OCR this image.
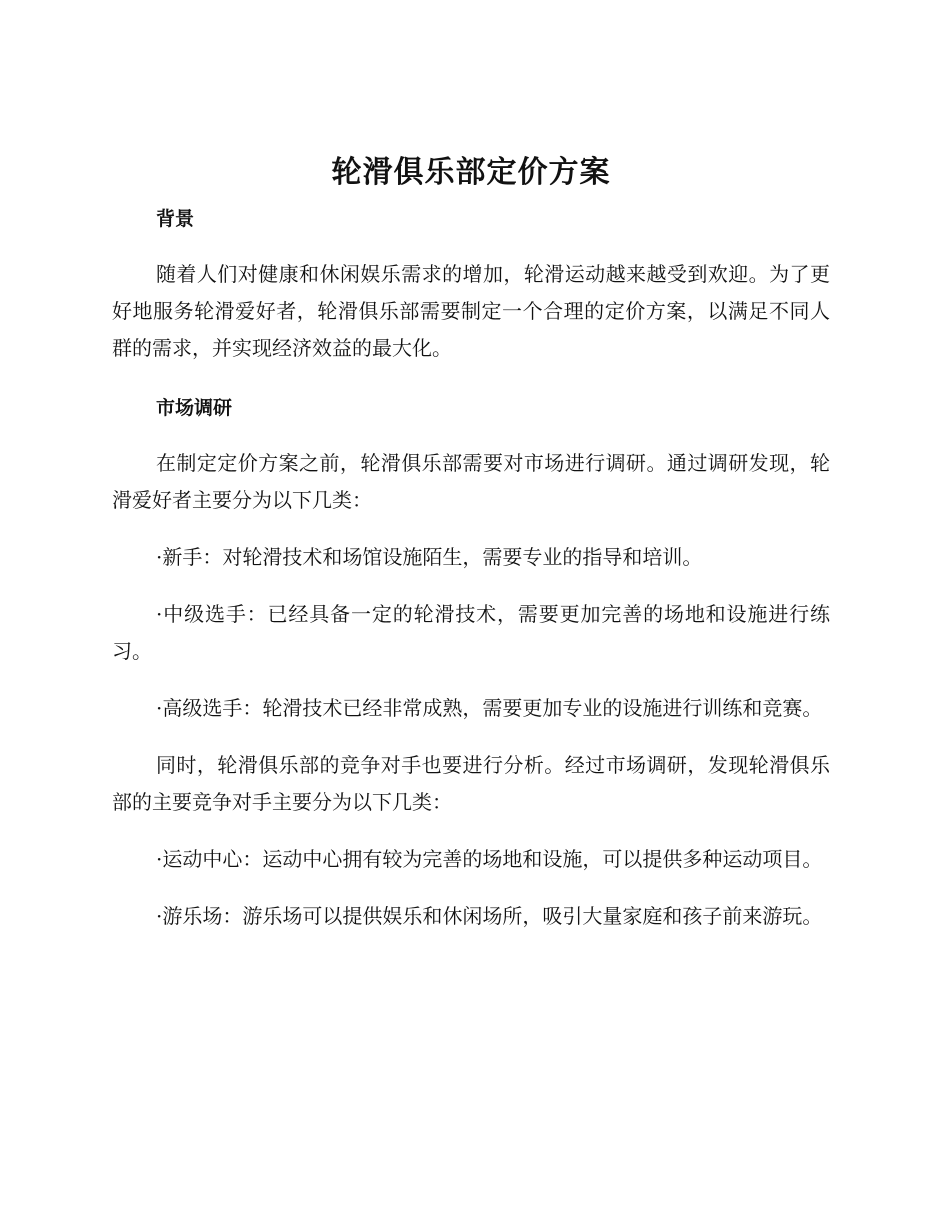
轮滑俱乐部定价方案
背景

随着人们对健康和休闲娱乐需求的增加，轮滑运动越来越受到欢迎。为了更好地服务轮滑爱好者，轮滑俱乐部需要制定一个合理的定价方案，以满足不同人群的需求，并实现经济效益的最大化。

市场调研

在制定定价方案之前，轮滑俱乐部需要对市场进行调研。通过调研发现，轮滑爱好者主要分为以下几类：

·新手：对轮滑技术和场馆设施陌生，需要专业的指导和培训。

·中级选手：已经具备一定的轮滑技术，需要更加完善的场地和设施进行练习。

·高级选手：轮滑技术已经非常成熟，需要更加专业的设施进行训练和竞赛。

同时，轮滑俱乐部的竞争对手也要进行分析。经过市场调研，发现轮滑俱乐部的主要竞争对手主要分为以下几类：

·运动中心：运动中心拥有较为完善的场地和设施，可以提供多种运动项目。

·游乐场：游乐场可以提供娱乐和休闲场所，吸引大量家庭和孩子前来游玩。
